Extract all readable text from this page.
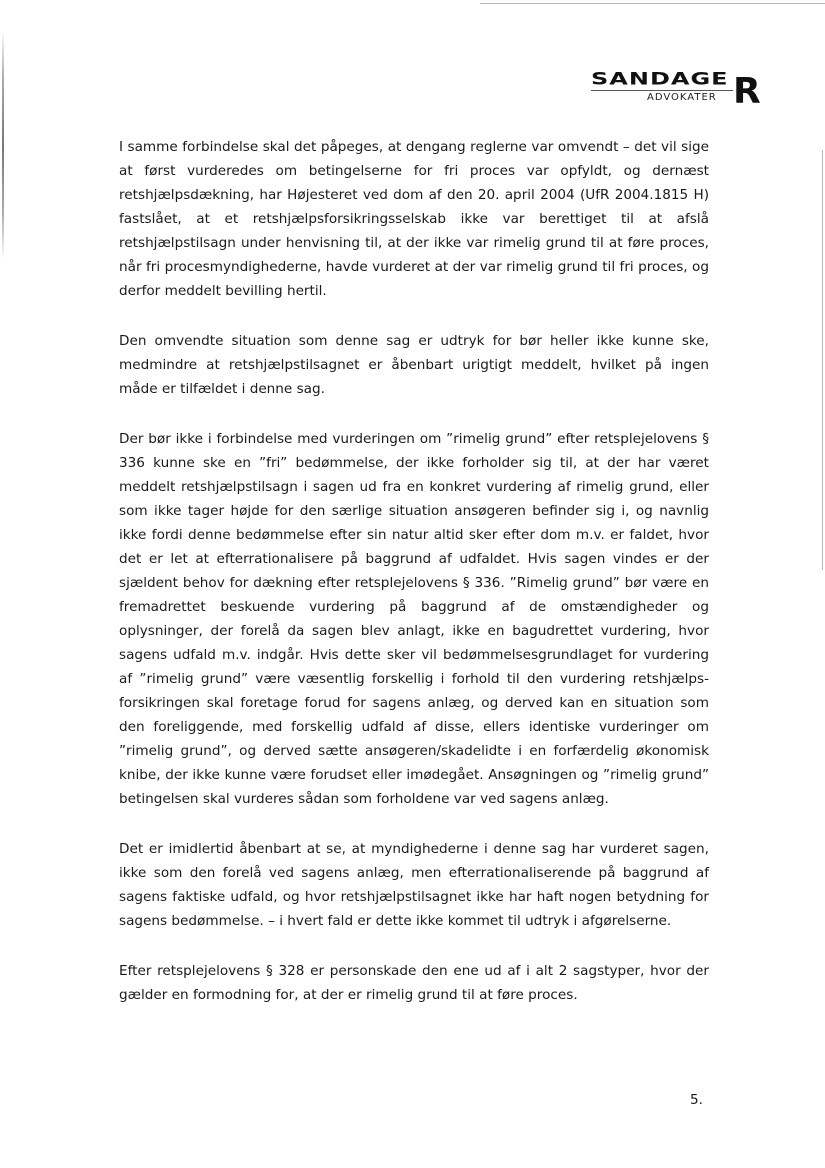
SANDAGE
ADVOKATER R

I samme forbindelse skal det påpeges, at dengang reglerne var omvendt – det vil sige at først vurderedes om betingelserne for fri proces var opfyldt, og dernæst retshjælpsdækning, har Højesteret ved dom af den 20. april 2004 (UfR 2004.1815 H) fastslået, at et retshjælpsforsikringsselskab ikke var berettiget til at afslå retshjælpstilsagn under henvisning til, at der ikke var rimelig grund til at føre proces, når fri procesmyndighederne, havde vurderet at der var rimelig grund til fri proces, og derfor meddelt bevilling hertil.

Den omvendte situation som denne sag er udtryk for bør heller ikke kunne ske, medmindre at retshjælpstilsagnet er åbenbart urigtigt meddelt, hvilket på ingen måde er tilfældet i denne sag.

Der bør ikke i forbindelse med vurderingen om ”rimelig grund” efter retsplejelovens § 336 kunne ske en ”fri” bedømmelse, der ikke forholder sig til, at der har været meddelt retshjælpstilsagn i sagen ud fra en konkret vurdering af rimelig grund, eller som ikke tager højde for den særlige situation ansøgeren befinder sig i, og navnlig ikke fordi denne bedømmelse efter sin natur altid sker efter dom m.v. er faldet, hvor det er let at efterrationalisere på baggrund af udfaldet. Hvis sagen vindes er der sjældent behov for dækning efter retsplejelovens § 336. ”Rimelig grund” bør være en fremadrettet beskuende vurdering på baggrund af de omstændigheder og oplysninger, der forelå da sagen blev anlagt, ikke en bagudrettet vurdering, hvor sagens udfald m.v. indgår. Hvis dette sker vil bedømmelsesgrundlaget for vurdering af ”rimelig grund” være væsentlig forskellig i forhold til den vurdering retshjælpsforsikringen skal foretage forud for sagens anlæg, og derved kan en situation som den foreliggende, med forskellig udfald af disse, ellers identiske vurderinger om ”rimelig grund”, og derved sætte ansøgeren/skadelidte i en forfærdelig økonomisk knibe, der ikke kunne være forudset eller imødegået. Ansøgningen og ”rimelig grund” betingelsen skal vurderes sådan som forholdene var ved sagens anlæg.

Det er imidlertid åbenbart at se, at myndighederne i denne sag har vurderet sagen, ikke som den forelå ved sagens anlæg, men efterrationaliserende på baggrund af sagens faktiske udfald, og hvor retshjælpstilsagnet ikke har haft nogen betydning for sagens bedømmelse. – i hvert fald er dette ikke kommet til udtryk i afgørelserne.

Efter retsplejelovens § 328 er personskade den ene ud af i alt 2 sagstyper, hvor der gælder en formodning for, at der er rimelig grund til at føre proces.

5.
